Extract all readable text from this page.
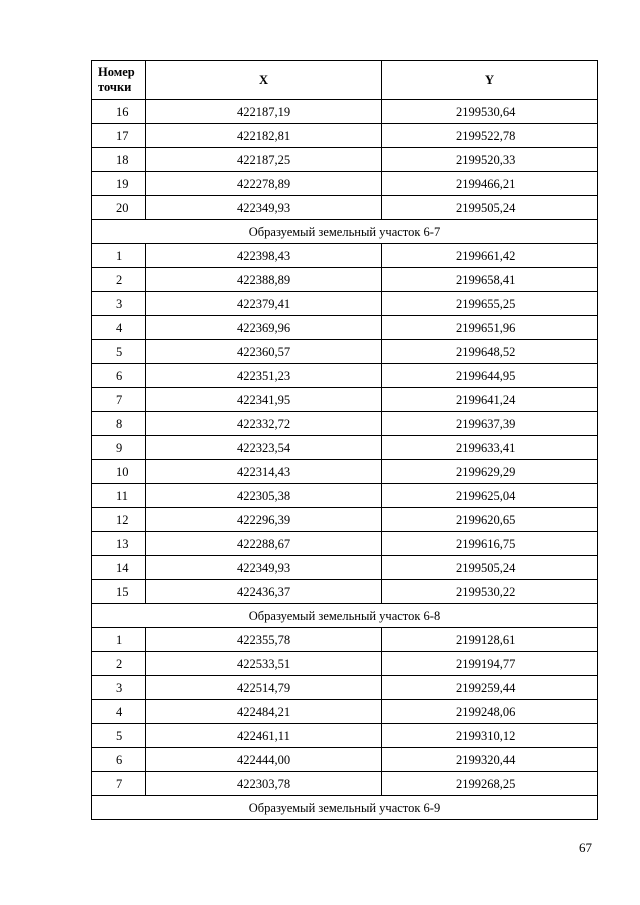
Номер точки	X	Y
16	422187,19	2199530,64
17	422182,81	2199522,78
18	422187,25	2199520,33
19	422278,89	2199466,21
20	422349,93	2199505,24
Образуемый земельный участок 6-7		
1	422398,43	2199661,42
2	422388,89	2199658,41
3	422379,41	2199655,25
4	422369,96	2199651,96
5	422360,57	2199648,52
6	422351,23	2199644,95
7	422341,95	2199641,24
8	422332,72	2199637,39
9	422323,54	2199633,41
10	422314,43	2199629,29
11	422305,38	2199625,04
12	422296,39	2199620,65
13	422288,67	2199616,75
14	422349,93	2199505,24
15	422436,37	2199530,22
Образуемый земельный участок 6-8		
1	422355,78	2199128,61
2	422533,51	2199194,77
3	422514,79	2199259,44
4	422484,21	2199248,06
5	422461,11	2199310,12
6	422444,00	2199320,44
7	422303,78	2199268,25
Образуемый земельный участок 6-9		
67
